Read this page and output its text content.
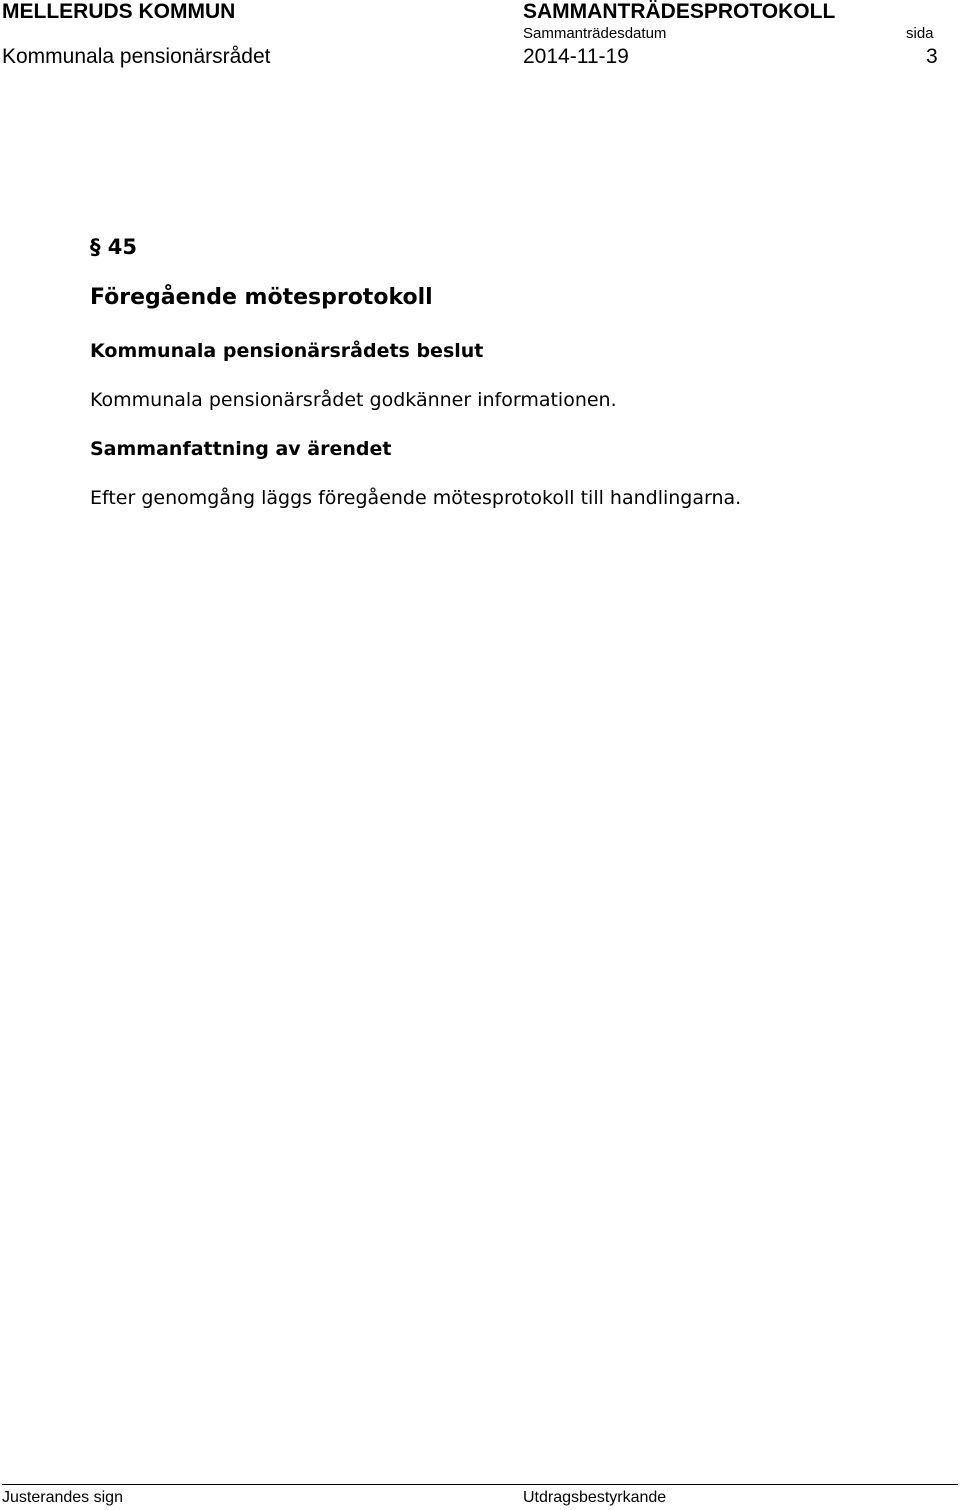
MELLERUDS KOMMUN	SAMMANTRÄDESPROTOKOLL
Sammanträdesdatum	sida
Kommunala pensionärsrådet	2014-11-19	3
§ 45
Föregående mötesprotokoll
Kommunala pensionärsrådets beslut
Kommunala pensionärsrådet godkänner informationen.
Sammanfattning av ärendet
Efter genomgång läggs föregående mötesprotokoll till handlingarna.
Justerandes sign	Utdragsbestyrkande
